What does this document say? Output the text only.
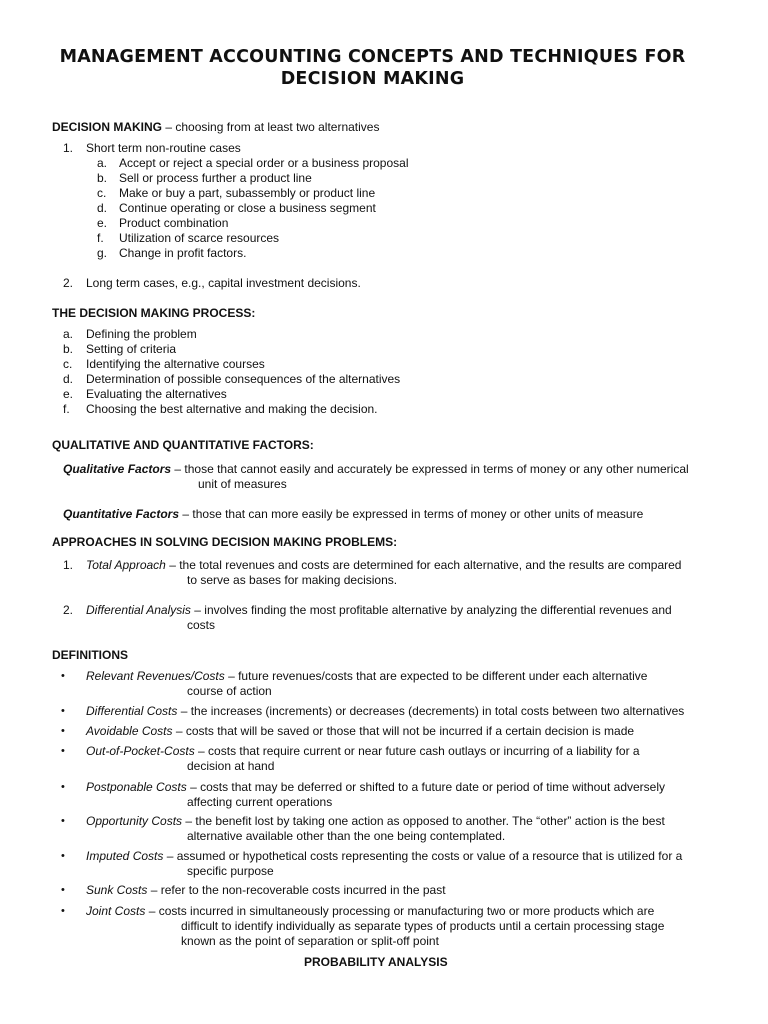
MANAGEMENT ACCOUNTING CONCEPTS AND TECHNIQUES FOR
DECISION MAKING
DECISION MAKING – choosing from at least two alternatives
1. Short term non-routine cases
a. Accept or reject a special order or a business proposal
b. Sell or process further a product line
c. Make or buy a part, subassembly or product line
d. Continue operating or close a business segment
e. Product combination
f. Utilization of scarce resources
g. Change in profit factors.
2. Long term cases, e.g., capital investment decisions.
THE DECISION MAKING PROCESS:
a. Defining the problem
b. Setting of criteria
c. Identifying the alternative courses
d. Determination of possible consequences of the alternatives
e. Evaluating the alternatives
f. Choosing the best alternative and making the decision.
QUALITATIVE AND QUANTITATIVE FACTORS:
Qualitative Factors – those that cannot easily and accurately be expressed in terms of money or any other numerical
unit of measures
Quantitative Factors – those that can more easily be expressed in terms of money or other units of measure
APPROACHES IN SOLVING DECISION MAKING PROBLEMS:
1. Total Approach – the total revenues and costs are determined for each alternative, and the results are compared
to serve as bases for making decisions.
2. Differential Analysis – involves finding the most profitable alternative by analyzing the differential revenues and
costs
DEFINITIONS
• Relevant Revenues/Costs – future revenues/costs that are expected to be different under each alternative
course of action
• Differential Costs – the increases (increments) or decreases (decrements) in total costs between two alternatives
• Avoidable Costs – costs that will be saved or those that will not be incurred if a certain decision is made
• Out-of-Pocket-Costs – costs that require current or near future cash outlays or incurring of a liability for a
decision at hand
• Postponable Costs – costs that may be deferred or shifted to a future date or period of time without adversely
affecting current operations
• Opportunity Costs – the benefit lost by taking one action as opposed to another. The “other” action is the best
alternative available other than the one being contemplated.
• Imputed Costs – assumed or hypothetical costs representing the costs or value of a resource that is utilized for a
specific purpose
• Sunk Costs – refer to the non-recoverable costs incurred in the past
• Joint Costs – costs incurred in simultaneously processing or manufacturing two or more products which are
difficult to identify individually as separate types of products until a certain processing stage
known as the point of separation or split-off point
PROBABILITY ANALYSIS
